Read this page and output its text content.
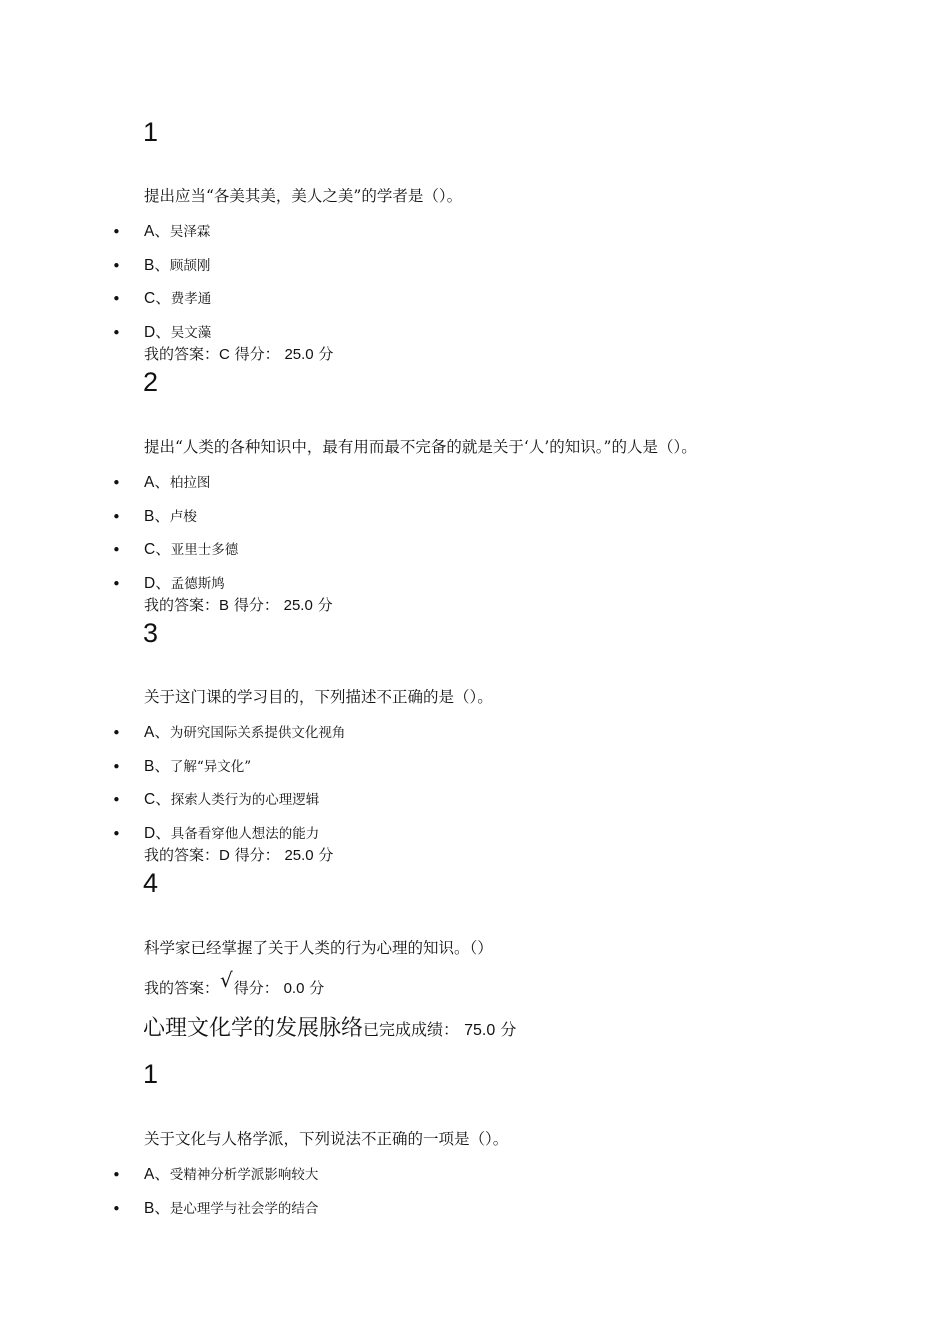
1
提出应当“各美其美，美人之美”的学者是（）。
• A、吴泽霖
• B、顾颉刚
• C、费孝通
• D、吴文藻
我的答案：C 得分： 25.0 分
2
提出“人类的各种知识中，最有用而最不完备的就是关于‘人’的知识。”的人是（）。
• A、柏拉图
• B、卢梭
• C、亚里士多德
• D、孟德斯鸠
我的答案：B 得分： 25.0 分
3
关于这门课的学习目的，下列描述不正确的是（）。
• A、为研究国际关系提供文化视角
• B、了解“异文化”
• C、探索人类行为的心理逻辑
• D、具备看穿他人想法的能力
我的答案：D 得分： 25.0 分
4
科学家已经掌握了关于人类的行为心理的知识。（）
我的答案：√得分： 0.0 分
心理文化学的发展脉络已完成成绩： 75.0 分
1
关于文化与人格学派，下列说法不正确的一项是（）。
• A、受精神分析学派影响较大
• B、是心理学与社会学的结合
